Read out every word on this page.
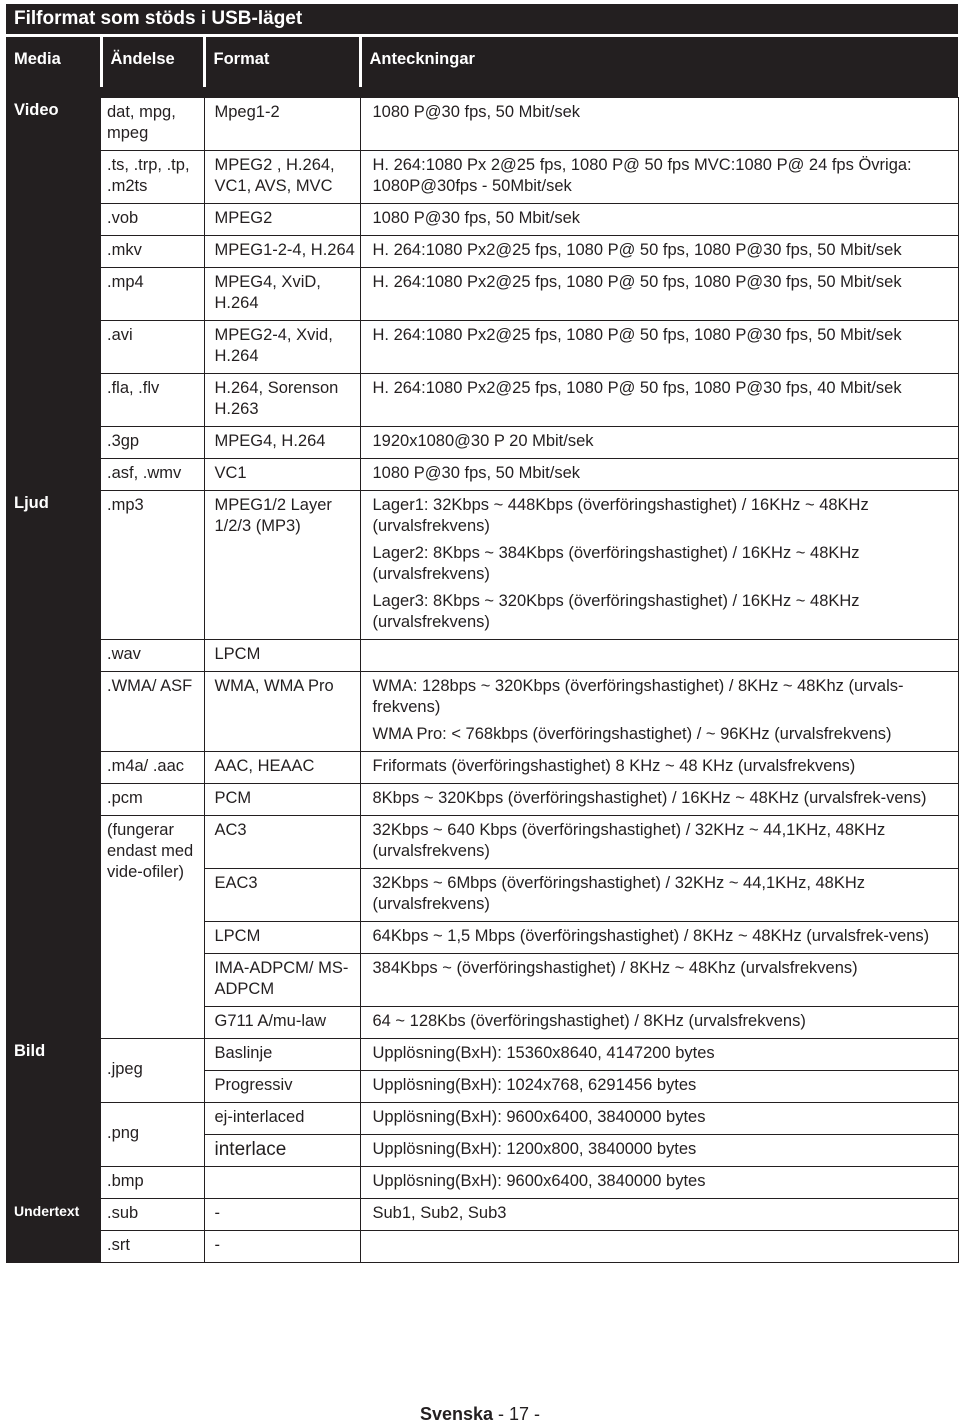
Filformat som stöds i USB-läget
Media	Ändelse	Format	Anteckningar

Video	dat, mpg, mpeg	Mpeg1-2	1080 P@30 fps, 50 Mbit/sek

	.ts, .trp, .tp, .m2ts	MPEG2 , H.264, VC1, AVS, MVC	H. 264:1080 Px 2@25 fps, 1080 P@ 50 fps MVC:1080 P@ 24 fps Övriga: 1080P@30fps - 50Mbit/sek

	.vob	MPEG2	1080 P@30 fps, 50 Mbit/sek

	.mkv	MPEG1-2-4, H.264	H. 264:1080 Px2@25 fps, 1080 P@ 50 fps, 1080 P@30 fps, 50 Mbit/sek

	.mp4	MPEG4, XviD, H.264	H. 264:1080 Px2@25 fps, 1080 P@ 50 fps, 1080 P@30 fps, 50 Mbit/sek

	.avi	MPEG2-4, Xvid, H.264	H. 264:1080 Px2@25 fps, 1080 P@ 50 fps, 1080 P@30 fps, 50 Mbit/sek

	.fla, .flv	H.264, Sorenson H.263	H. 264:1080 Px2@25 fps, 1080 P@ 50 fps, 1080 P@30 fps, 40 Mbit/sek

	.3gp	MPEG4, H.264	1920x1080@30 P 20 Mbit/sek

	.asf, .wmv	VC1	1080 P@30 fps, 50 Mbit/sek

Ljud	.mp3	MPEG1/2 Layer 1/2/3 (MP3)	Lager1: 32Kbps ~ 448Kbps (överföringshastighet) / 16KHz ~ 48KHz (urvalsfrekvens)
Lager2: 8Kbps ~ 384Kbps (överföringshastighet) / 16KHz ~ 48KHz (urvalsfrekvens)
Lager3: 8Kbps ~ 320Kbps (överföringshastighet) / 16KHz ~ 48KHz (urvalsfrekvens)

	.wav	LPCM	

	.WMA/ ASF	WMA, WMA Pro	WMA: 128bps ~ 320Kbps (överföringshastighet) / 8KHz ~ 48Khz (urvals-frekvens)
WMA Pro: < 768kbps (överföringshastighet) / ~ 96KHz (urvalsfrekvens)

	.m4a/ .aac	AAC, HEAAC	Friformats (överföringshastighet) 8 KHz ~ 48 KHz (urvalsfrekvens)

	.pcm	PCM	8Kbps ~ 320Kbps (överföringshastighet) / 16KHz ~ 48KHz (urvalsfrek-vens)

	(fungerar endast med vide-ofiler)	AC3	32Kbps ~ 640 Kbps (överföringshastighet) / 32KHz ~ 44,1KHz, 48KHz (urvalsfrekvens)

		EAC3	32Kbps ~ 6Mbps (överföringshastighet) / 32KHz ~ 44,1KHz, 48KHz (urvalsfrekvens)

		LPCM	64Kbps ~ 1,5 Mbps (överföringshastighet) / 8KHz ~ 48KHz (urvalsfrek-vens)

		IMA-ADPCM/ MS-ADPCM	384Kbps ~ (överföringshastighet) / 8KHz ~ 48Khz (urvalsfrekvens)

		G711 A/mu-law	64 ~ 128Kbs (överföringshastighet) / 8KHz (urvalsfrekvens)

Bild	.jpeg	Baslinje	Upplösning(BxH): 15360x8640, 4147200 bytes

		Progressiv	Upplösning(BxH): 1024x768, 6291456 bytes

	.png	ej-interlaced	Upplösning(BxH): 9600x6400, 3840000 bytes

		interlace	Upplösning(BxH): 1200x800, 3840000 bytes

	.bmp		Upplösning(BxH): 9600x6400, 3840000 bytes

Undertext	.sub	-	Sub1, Sub2, Sub3

	.srt	-	
Svenska - 17 -
